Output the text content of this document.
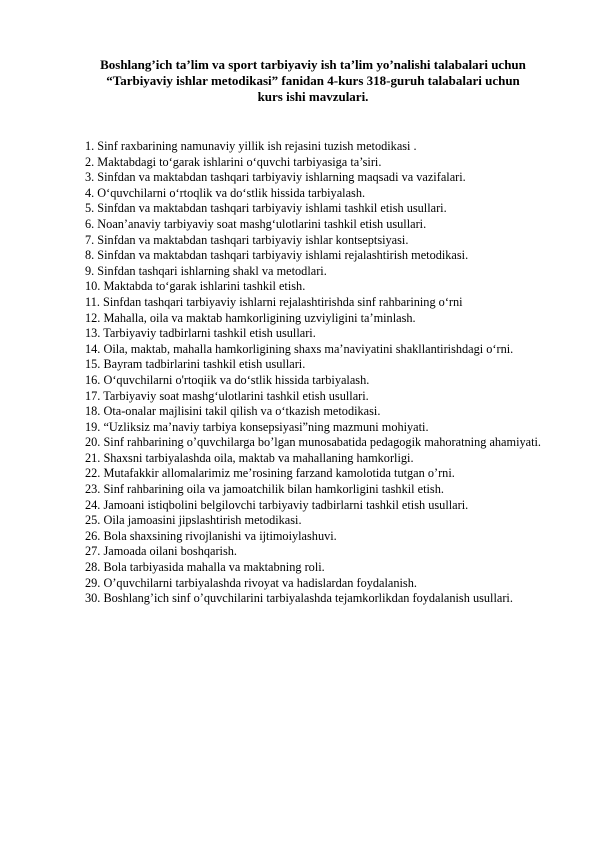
Boshlang’ich ta’lim va sport tarbiyaviy ish ta’lim yo’nalishi talabalari uchun
“Tarbiyaviy ishlar metodikasi” fanidan 4-kurs 318-guruh talabalari uchun
kurs ishi mavzulari.
1. Sinf raxbarining namunaviy yillik ish rejasini tuzish metodikasi .
2. Maktabdagi to‘garak ishlarini o‘quvchi tarbiyasiga ta’siri.
3. Sinfdan va maktabdan tashqari tarbiyaviy ishlarning maqsadi va vazifalari.
4. O‘quvchilarni o‘rtoqlik va do‘stlik hissida tarbiyalash.
5. Sinfdan va maktabdan tashqari tarbiyaviy ishlami tashkil etish usullari.
6. Noan’anaviy tarbiyaviy soat mashg‘ulotlarini tashkil etish usullari.
7. Sinfdan va maktabdan tashqari tarbiyaviy ishlar kontseptsiyasi.
8. Sinfdan va maktabdan tashqari tarbiyaviy ishlami rejalashtirish metodikasi.
9. Sinfdan tashqari ishlarning shakl va metodlari.
10. Maktabda to‘garak ishlarini tashkil etish.
11. Sinfdan tashqari tarbiyaviy ishlarni rejalashtirishda sinf rahbarining o‘rni
12. Mahalla, oila va maktab hamkorligining uzviyligini ta’minlash.
13. Tarbiyaviy tadbirlarni tashkil etish usullari.
14. Oila, maktab, mahalla hamkorligining shaxs ma’naviyatini shakllantirishdagi o‘rni.
15. Bayram tadbirlarini tashkil etish usullari.
16. O‘quvchilarni o'rtoqiik va do‘stlik hissida tarbiyalash.
17. Tarbiyaviy soat mashg‘ulotlarini tashkil etish usullari.
18. Ota-onalar majlisini takil qilish va o‘tkazish metodikasi.
19. “Uzliksiz ma’naviy tarbiya konsepsiyasi”ning mazmuni mohiyati.
20. Sinf rahbarining o’quvchilarga bo’lgan munosabatida pedagogik mahoratning ahamiyati.
21. Shaxsni tarbiyalashda oila, maktab va mahallaning hamkorligi.
22. Mutafakkir allomalarimiz me’rosining farzand kamolotida tutgan o’rni.
23. Sinf rahbarining oila va jamoatchilik bilan hamkorligini tashkil etish.
24. Jamoani istiqbolini belgilovchi tarbiyaviy tadbirlarni tashkil etish usullari.
25. Oila jamoasini jipslashtirish metodikasi.
26. Bola shaxsining rivojlanishi va ijtimoiylashuvi.
27. Jamoada oilani boshqarish.
28. Bola tarbiyasida mahalla va maktabning roli.
29. O’quvchilarni tarbiyalashda rivoyat va hadislardan foydalanish.
30. Boshlang’ich sinf o’quvchilarini tarbiyalashda tejamkorlikdan foydalanish usullari.
